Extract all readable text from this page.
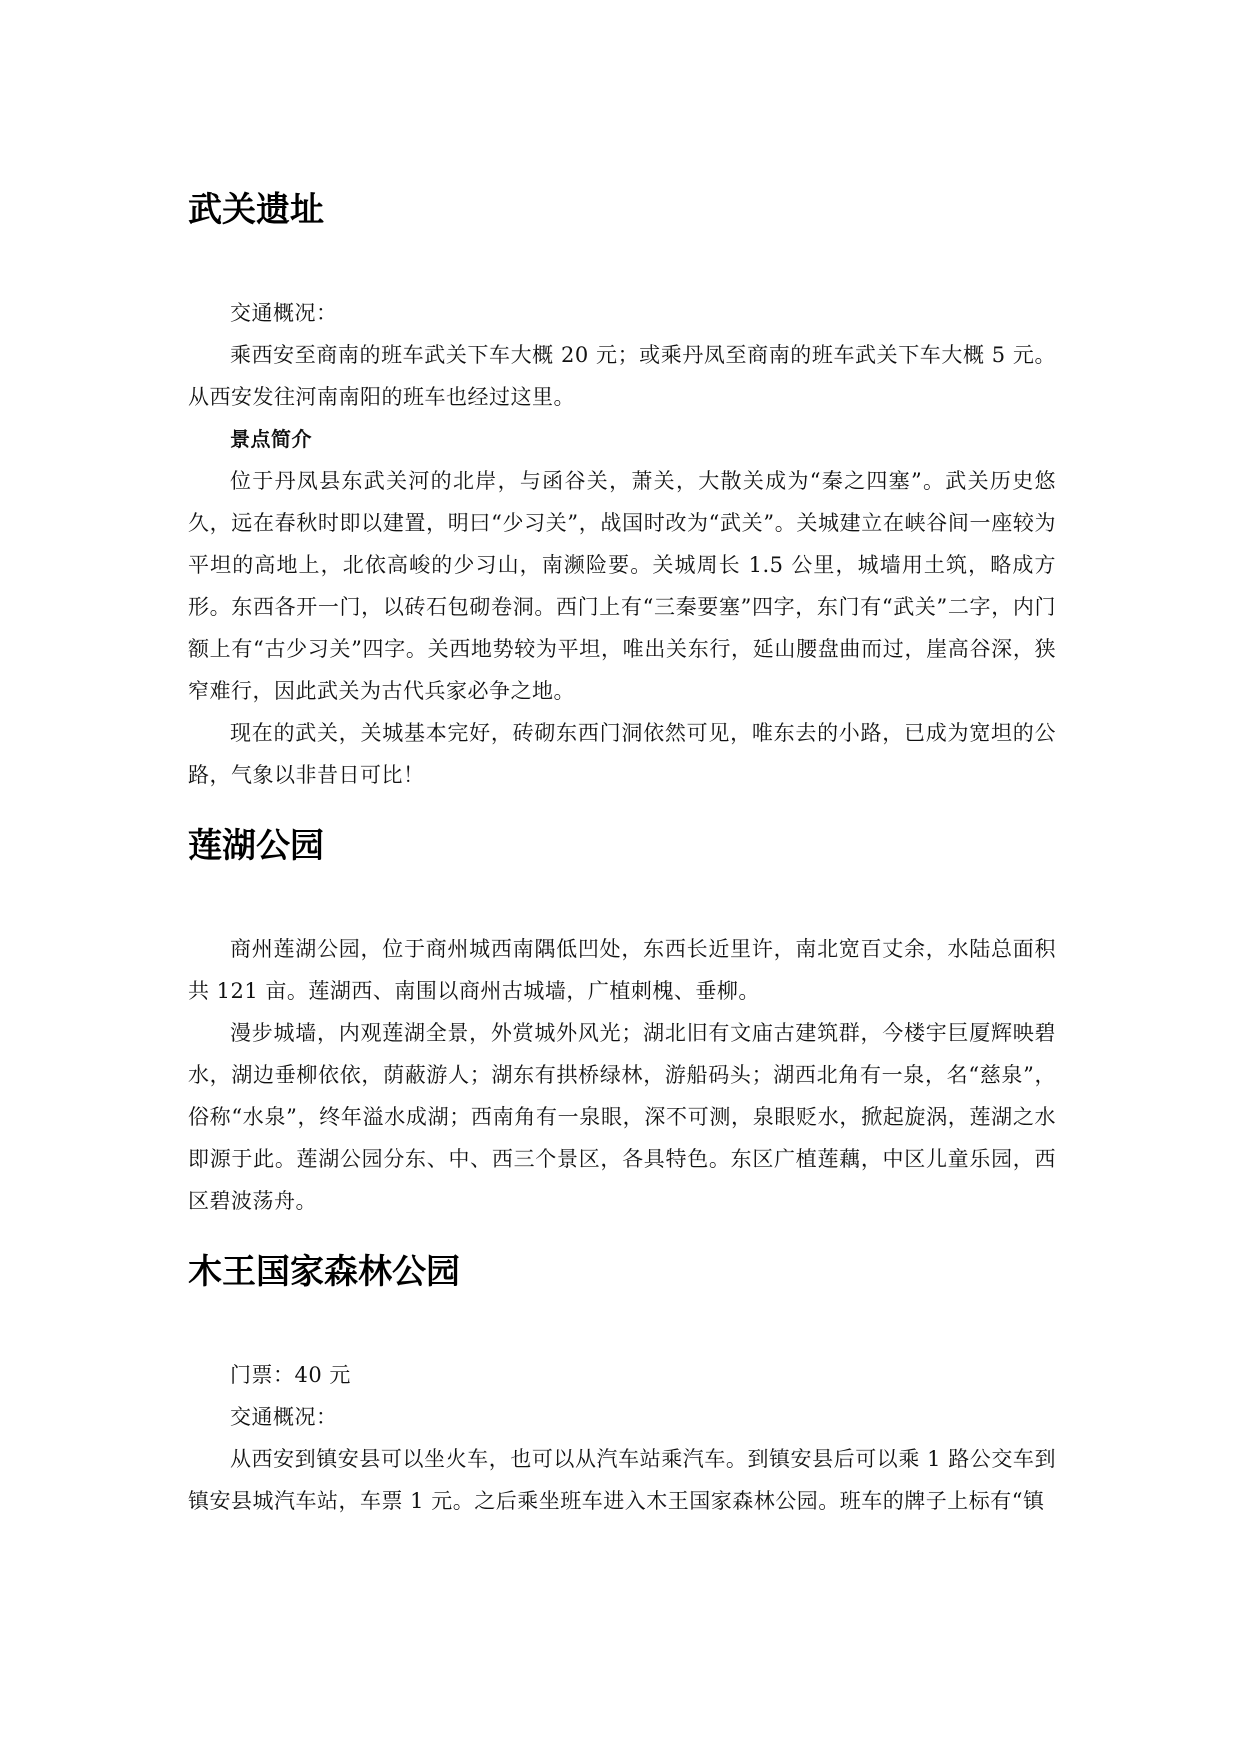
武关遗址

交通概况：

乘西安至商南的班车武关下车大概 20 元；或乘丹凤至商南的班车武关下车大概 5 元。从西安发往河南南阳的班车也经过这里。

景点简介

位于丹凤县东武关河的北岸，与函谷关，萧关，大散关成为“秦之四塞”。武关历史悠久，远在春秋时即以建置，明曰“少习关”，战国时改为“武关”。关城建立在峡谷间一座较为平坦的高地上，北依高峻的少习山，南濒险要。关城周长 1.5 公里，城墙用土筑，略成方形。东西各开一门，以砖石包砌卷洞。西门上有“三秦要塞”四字，东门有“武关”二字，内门额上有“古少习关”四字。关西地势较为平坦，唯出关东行，延山腰盘曲而过，崖高谷深，狭窄难行，因此武关为古代兵家必争之地。

现在的武关，关城基本完好，砖砌东西门洞依然可见，唯东去的小路，已成为宽坦的公路，气象以非昔日可比！

莲湖公园

商州莲湖公园，位于商州城西南隅低凹处，东西长近里许，南北宽百丈余，水陆总面积共 121 亩。莲湖西、南围以商州古城墙，广植刺槐、垂柳。

漫步城墙，内观莲湖全景，外赏城外风光；湖北旧有文庙古建筑群，今楼宇巨厦辉映碧水，湖边垂柳依依，荫蔽游人；湖东有拱桥绿林，游船码头；湖西北角有一泉，名“慈泉”，俗称“水泉”，终年溢水成湖；西南角有一泉眼，深不可测，泉眼贬水，掀起旋涡，莲湖之水即源于此。莲湖公园分东、中、西三个景区，各具特色。东区广植莲藕，中区儿童乐园，西区碧波荡舟。

木王国家森林公园

门票：40 元

交通概况：

从西安到镇安县可以坐火车，也可以从汽车站乘汽车。到镇安县后可以乘 1 路公交车到镇安县城汽车站，车票 1 元。之后乘坐班车进入木王国家森林公园。班车的牌子上标有“镇
